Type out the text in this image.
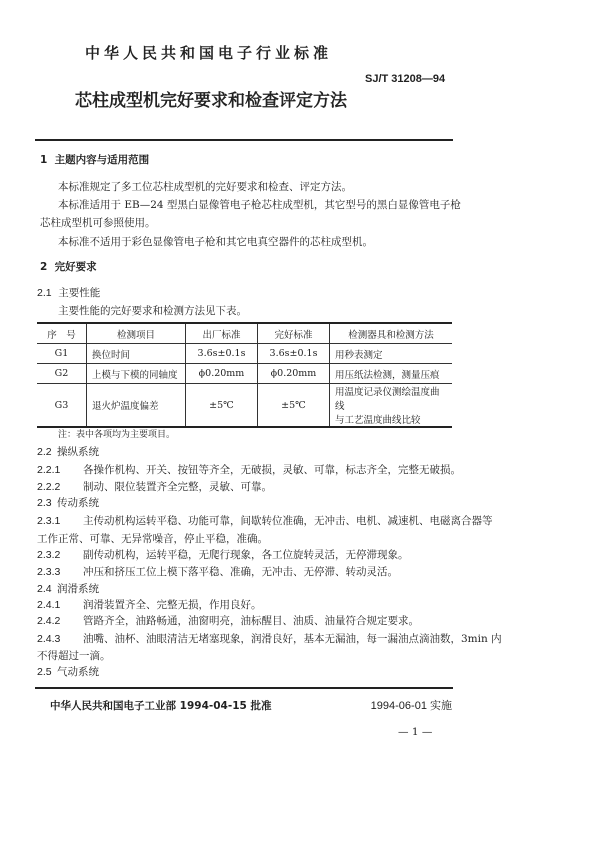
中华人民共和国电子行业标准
SJ/T 31208—94
芯柱成型机完好要求和检查评定方法
1 主题内容与适用范围
本标准规定了多工位芯柱成型机的完好要求和检查、评定方法。
本标准适用于 EB—24 型黑白显像管电子枪芯柱成型机，其它型号的黑白显像管电子枪
芯柱成型机可参照使用。
本标准不适用于彩色显像管电子枪和其它电真空器件的芯柱成型机。
2 完好要求
2.1 主要性能
主要性能的完好要求和检测方法见下表。
序　号	检测项目	出厂标准	完好标准	检测器具和检测方法
G1	换位时间	3.6s±0.1s	3.6s±0.1s	用秒表测定
G2	上模与下模的同轴度	ϕ0.20mm	ϕ0.20mm	用压纸法检测，测量压痕
G3	退火炉温度偏差	±5℃	±5℃	用温度记录仪测绘温度曲线
与工艺温度曲线比较
注：表中各项均为主要项目。
2.2 操纵系统
2.2.1 各操作机构、开关、按钮等齐全，无破损，灵敏、可靠，标志齐全，完整无破损。
2.2.2 制动、限位装置齐全完整，灵敏、可靠。
2.3 传动系统
2.3.1 主传动机构运转平稳、功能可靠，间歇转位准确，无冲击、电机、减速机、电磁离合器等
工作正常、可靠、无异常噪音，停止平稳，准确。
2.3.2 副传动机构，运转平稳，无爬行现象，各工位旋转灵活，无停滞现象。
2.3.3 冲压和挤压工位上模下落平稳、准确，无冲击、无停滞、转动灵活。
2.4 润滑系统
2.4.1 润滑装置齐全、完整无损，作用良好。
2.4.2 管路齐全，油路畅通，油窗明亮，油标醒目、油质、油量符合规定要求。
2.4.3 油嘴、油杯、油眼清洁无堵塞现象，润滑良好，基本无漏油，每一漏油点滴油数，3min 内
不得超过一滴。
2.5 气动系统
中华人民共和国电子工业部 1994-04-15 批准	1994-06-01 实施
— 1 —
